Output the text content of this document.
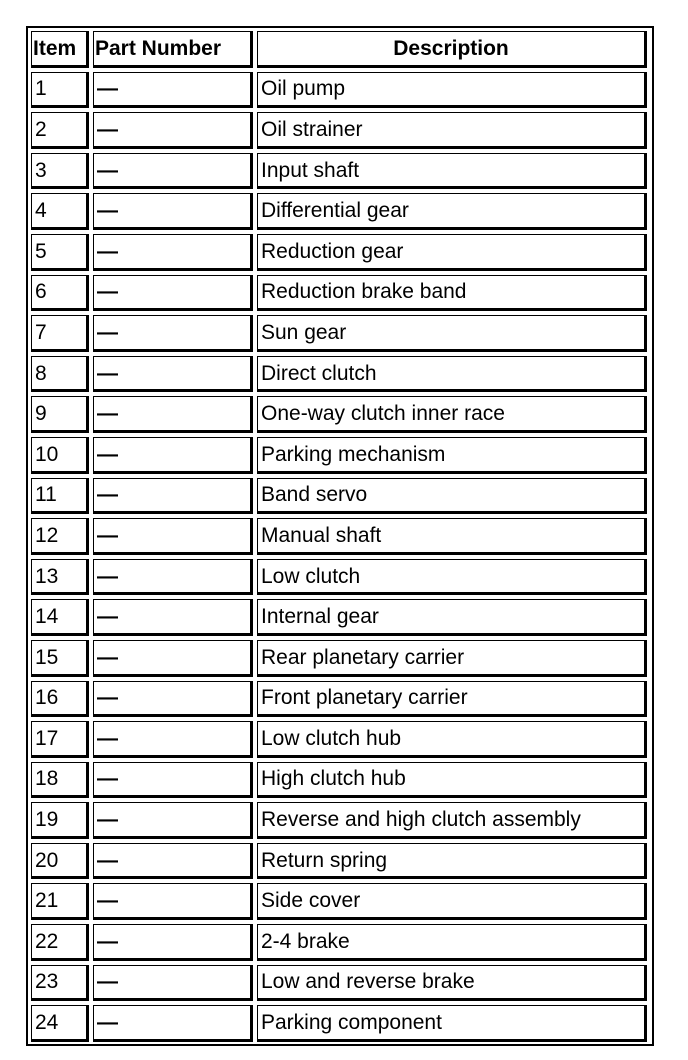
Item	Part Number	Description
1	—	Oil pump
2	—	Oil strainer
3	—	Input shaft
4	—	Differential gear
5	—	Reduction gear
6	—	Reduction brake band
7	—	Sun gear
8	—	Direct clutch
9	—	One-way clutch inner race
10	—	Parking mechanism
11	—	Band servo
12	—	Manual shaft
13	—	Low clutch
14	—	Internal gear
15	—	Rear planetary carrier
16	—	Front planetary carrier
17	—	Low clutch hub
18	—	High clutch hub
19	—	Reverse and high clutch assembly
20	—	Return spring
21	—	Side cover
22	—	2-4 brake
23	—	Low and reverse brake
24	—	Parking component
